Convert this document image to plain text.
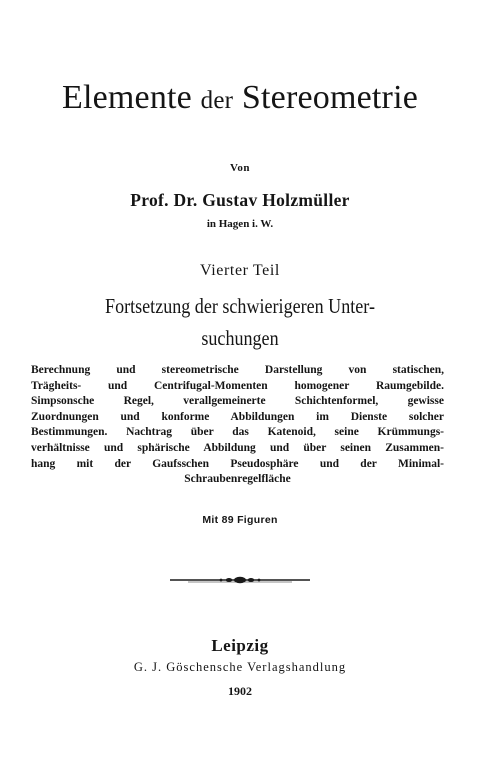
Elemente der Stereometrie
Von
Prof. Dr. Gustav Holzmüller
in Hagen i. W.
Vierter Teil
Fortsetzung der schwierigeren Unter-
suchungen
Berechnung und stereometrische Darstellung von statischen,
Trägheits- und Centrifugal-Momenten homogener Raumgebilde.
Simpsonsche Regel, verallgemeinerte Schichtenformel, gewisse
Zuordnungen und konforme Abbildungen im Dienste solcher
Bestimmungen. Nachtrag über das Katenoid, seine Krümmungs-
verhältnisse und sphärische Abbildung und über seinen Zusammen-
hang mit der Gaufsschen Pseudosphäre und der Minimal-
Schraubenregelfläche
Mit 89 Figuren
Leipzig
G. J. Göschensche Verlagshandlung
1902
